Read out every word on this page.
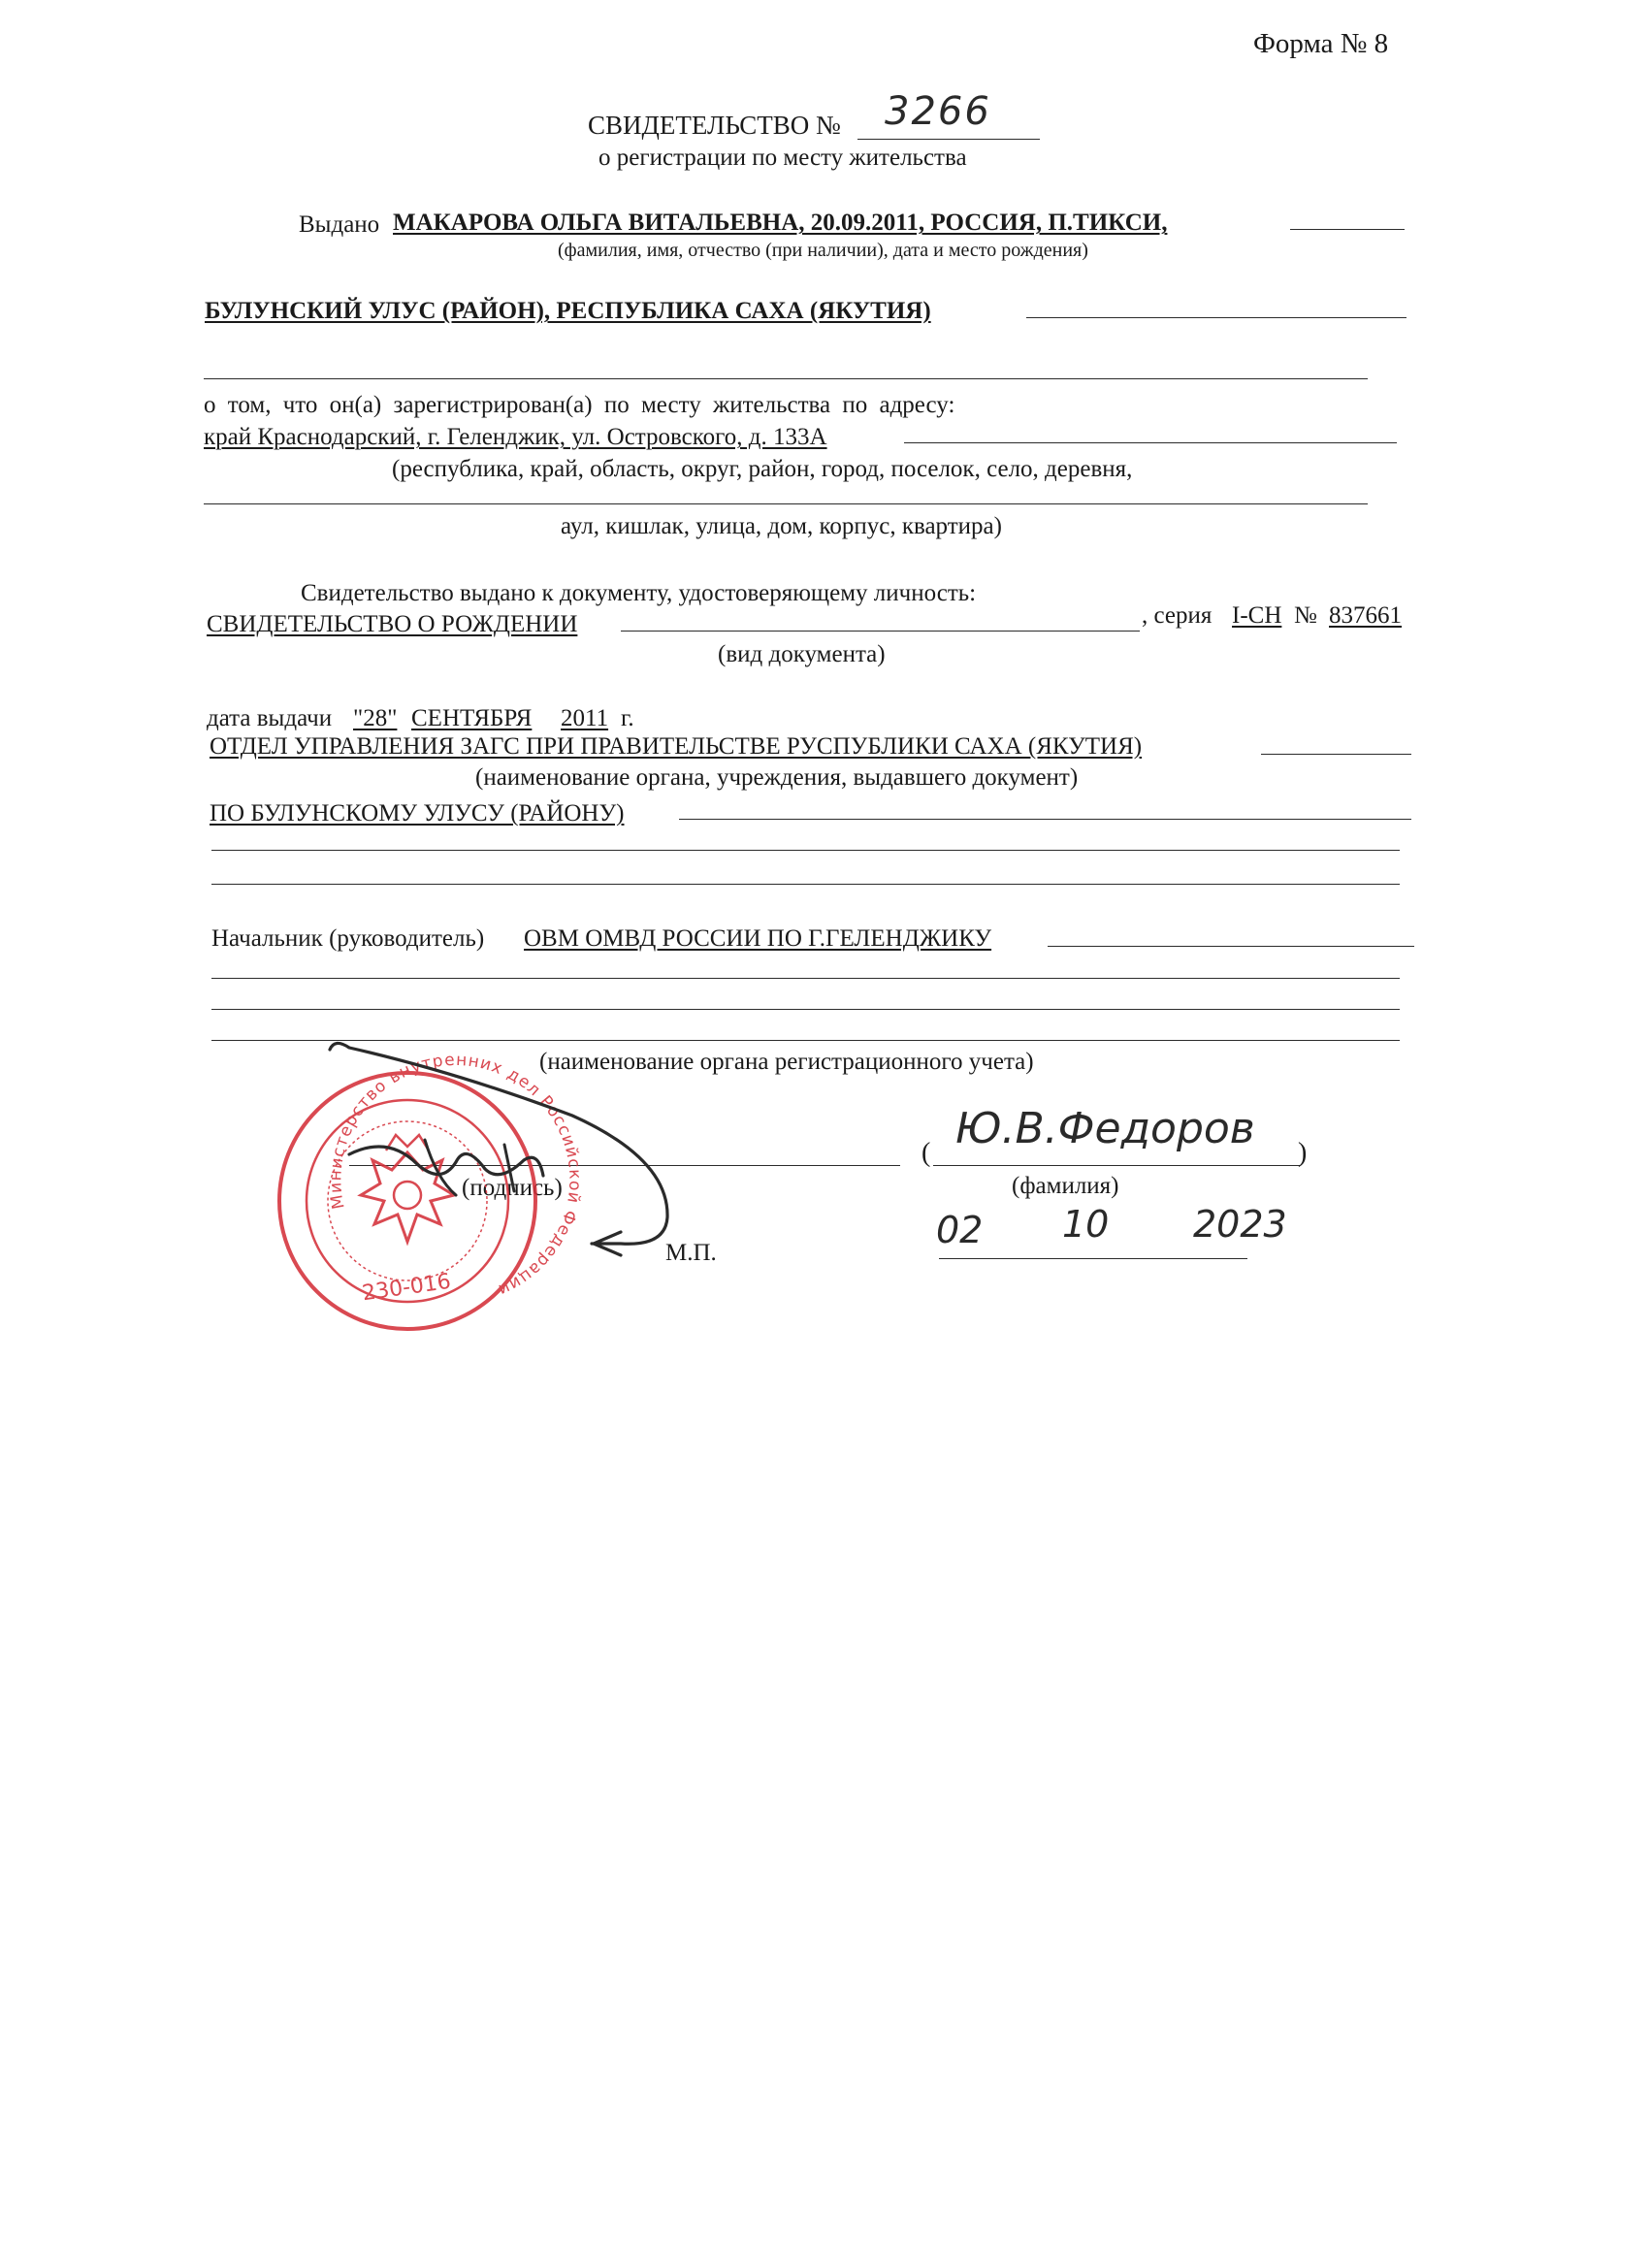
Форма № 8
СВИДЕТЕЛЬСТВО № 3266
о регистрации по месту жительства
Выдано МАКАРОВА ОЛЬГА ВИТАЛЬЕВНА, 20.09.2011, РОССИЯ, П.ТИКСИ,
(фамилия, имя, отчество (при наличии), дата и место рождения)
БУЛУНСКИЙ УЛУС (РАЙОН), РЕСПУБЛИКА САХА (ЯКУТИЯ)
о том, что он(а) зарегистрирован(а) по месту жительства по адресу:
край Краснодарский, г. Геленджик, ул. Островского, д. 133А
(республика, край, область, округ, район, город, поселок, село, деревня,
аул, кишлак, улица, дом, корпус, квартира)
Свидетельство выдано к документу, удостоверяющему личность:
СВИДЕТЕЛЬСТВО О РОЖДЕНИИ	, серия I-СН № 837661
(вид документа)
дата выдачи "28" СЕНТЯБРЯ 2011 г.
ОТДЕЛ УПРАВЛЕНИЯ ЗАГС ПРИ ПРАВИТЕЛЬСТВЕ РУСПУБЛИКИ САХА (ЯКУТИЯ)
(наименование органа, учреждения, выдавшего документ)
ПО БУЛУНСКОМУ УЛУСУ (РАЙОНУ)
Начальник (руководитель) ОВМ ОМВД РОССИИ ПО Г.ГЕЛЕНДЖИКУ
(наименование органа регистрационного учета)
(подпись)
( Ю.В.Федоров )
(фамилия)
М.П.
02 10 2023
Министерство внутренних дел Российской Федерации
230-016
